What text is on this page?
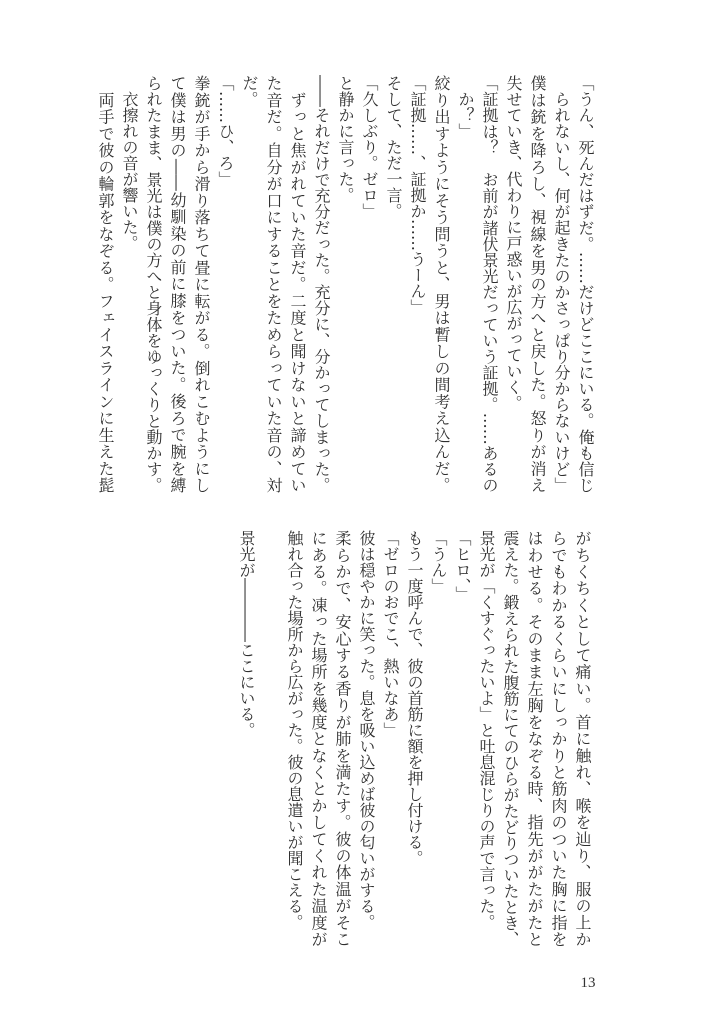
「うん、死んだはずだ。……だけどここにいる。俺も信じ
られないし、何が起きたのかさっぱり分からないけど」
僕は銃を降ろし、視線を男の方へと戻した。怒りが消え
失せていき、代わりに戸惑いが広がっていく。
「証拠は？　お前が諸伏景光だっていう証拠。……あるの
か？」
絞り出すようにそう問うと、男は暫しの間考え込んだ。
「証拠……、証拠か……うーん」
そして、ただ一言。
「久しぶり。ゼロ」
と静かに言った。
――それだけで充分だった。充分に、分かってしまった。
　ずっと焦がれていた音だ。二度と聞けないと諦めてい
た音だ。自分が口にすることをためらっていた音の、対
だ。
「……ひ、ろ」
拳銃が手から滑り落ちて畳に転がる。倒れこむようにし
て僕は男の――幼馴染の前に膝をついた。後ろで腕を縛
られたまま、景光は僕の方へと身体をゆっくりと動かす。
　衣擦れの音が響いた。
　両手で彼の輪郭をなぞる。フェイスラインに生えた髭
がちくちくとして痛い。首に触れ、喉を辿り、服の上か
らでもわかるくらいにしっかりと筋肉のついた胸に指を
はわせる。そのまま左胸をなぞる時、指先ががたがたと
震えた。鍛えられた腹筋にてのひらがたどりついたとき、
景光が「くすぐったいよ」と吐息混じりの声で言った。
「ヒロ、」
「うん」
もう一度呼んで、彼の首筋に額を押し付ける。
「ゼロのおでこ、熱いなあ」
彼は穏やかに笑った。息を吸い込めば彼の匂いがする。
柔らかで、安心する香りが肺を満たす。彼の体温がそこ
にある。凍った場所を幾度となくとかしてくれた温度が
触れ合った場所から広がった。彼の息遣いが聞こえる。
景光が――――ここにいる。
13
